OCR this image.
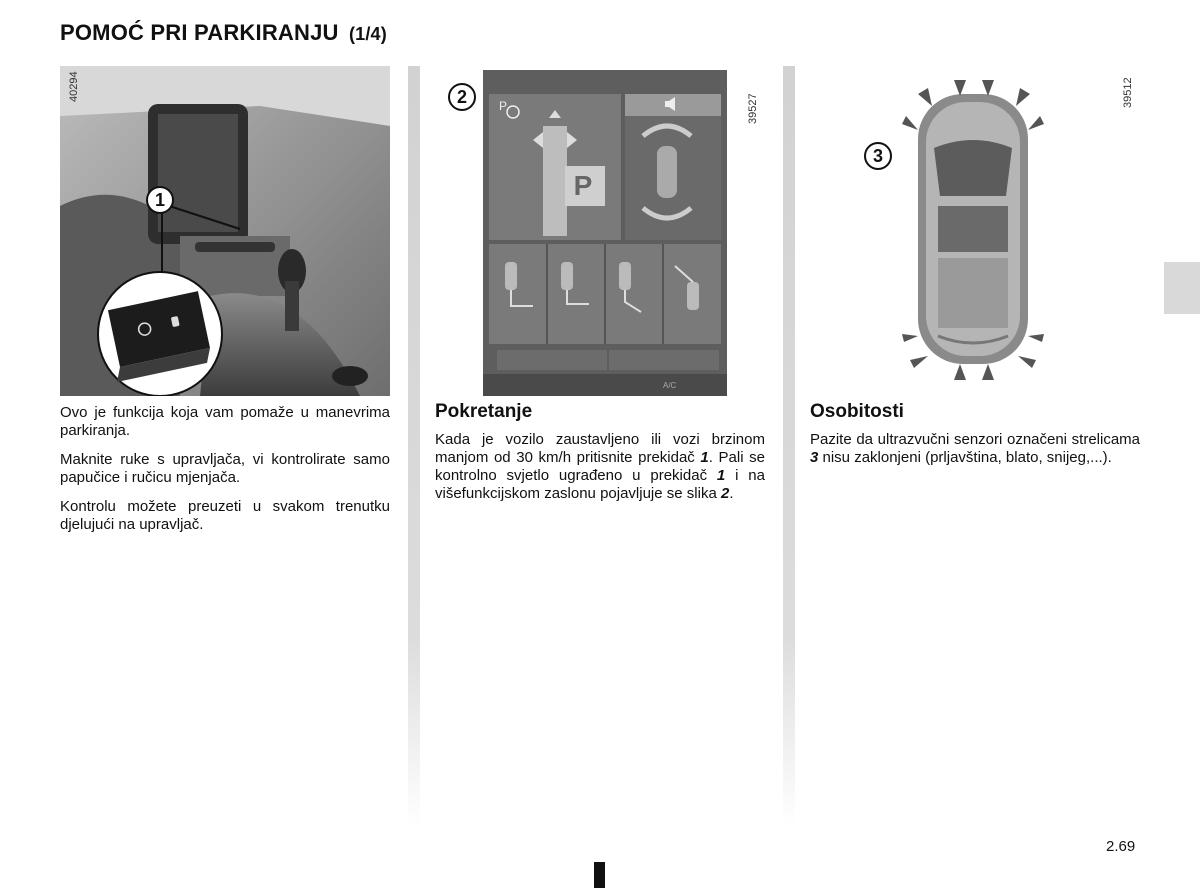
POMOĆ PRI PARKIRANJU (1/4)
1
40294	2
P
P
A/C
39527
3
39512

Ovo je funkcija koja vam pomaže u manevrima parkiranja.

Maknite ruke s upravljača, vi kontrolirate samo papučice i ručicu mjenjača.

Kontrolu možete preuzeti u svakom trenutku djelujući na upravljač.

Pokretanje

Kada je vozilo zaustavljeno ili vozi brzinom manjom od 30 km/h pritisnite prekidač 1. Pali se kontrolno svjetlo ugrađeno u prekidač 1 i na višefunkcijskom zaslonu pojavljuje se slika 2.

Osobitosti

Pazite da ultrazvučni senzori označeni strelicama 3 nisu zaklonjeni (prljavština, blato, snijeg,...).

2.69
